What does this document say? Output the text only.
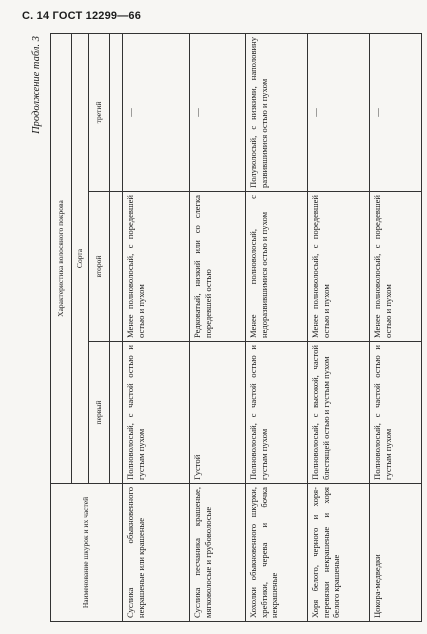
С. 14 ГОСТ 12299—66
Продолжение табл. 3
Наименование шкурок и их частей	Характеристика волосяного покрова		
	Сорта		
	первый	второй	третий

Суслика обыкновенного некрашеные или крашеные	Полноволосый, с частой остью и густым пухом	Менее полноволосый, с поредевшей остью и пухом	—
Суслика песчаника крашеные, мягковолосые и грубоволосые	Густой	Редковатый, низкий или со слегка поредевшей остью	—
Хохолки обыкновенного шкурки, хребтики, черева и бочка некрашеные	Полноволосый, с частой остью и густым пухом	Менее полноволосый, с недоразвившимися остью и пухом	Полуволосый, с низкими, наполовину развившимися остью и пухом
Хоря белого, черного и хоря-перевязки некрашеные и хоря белого крашеные	Полноволосый, с высокой, частой блестящей остью и густым пухом	Менее полноволосый, с поредевшей остью и пухом	—
Цокора-медведки	Полноволосый, с частой остью и густым пухом	Менее полноволосый, с поредевшей остью и пухом	—
